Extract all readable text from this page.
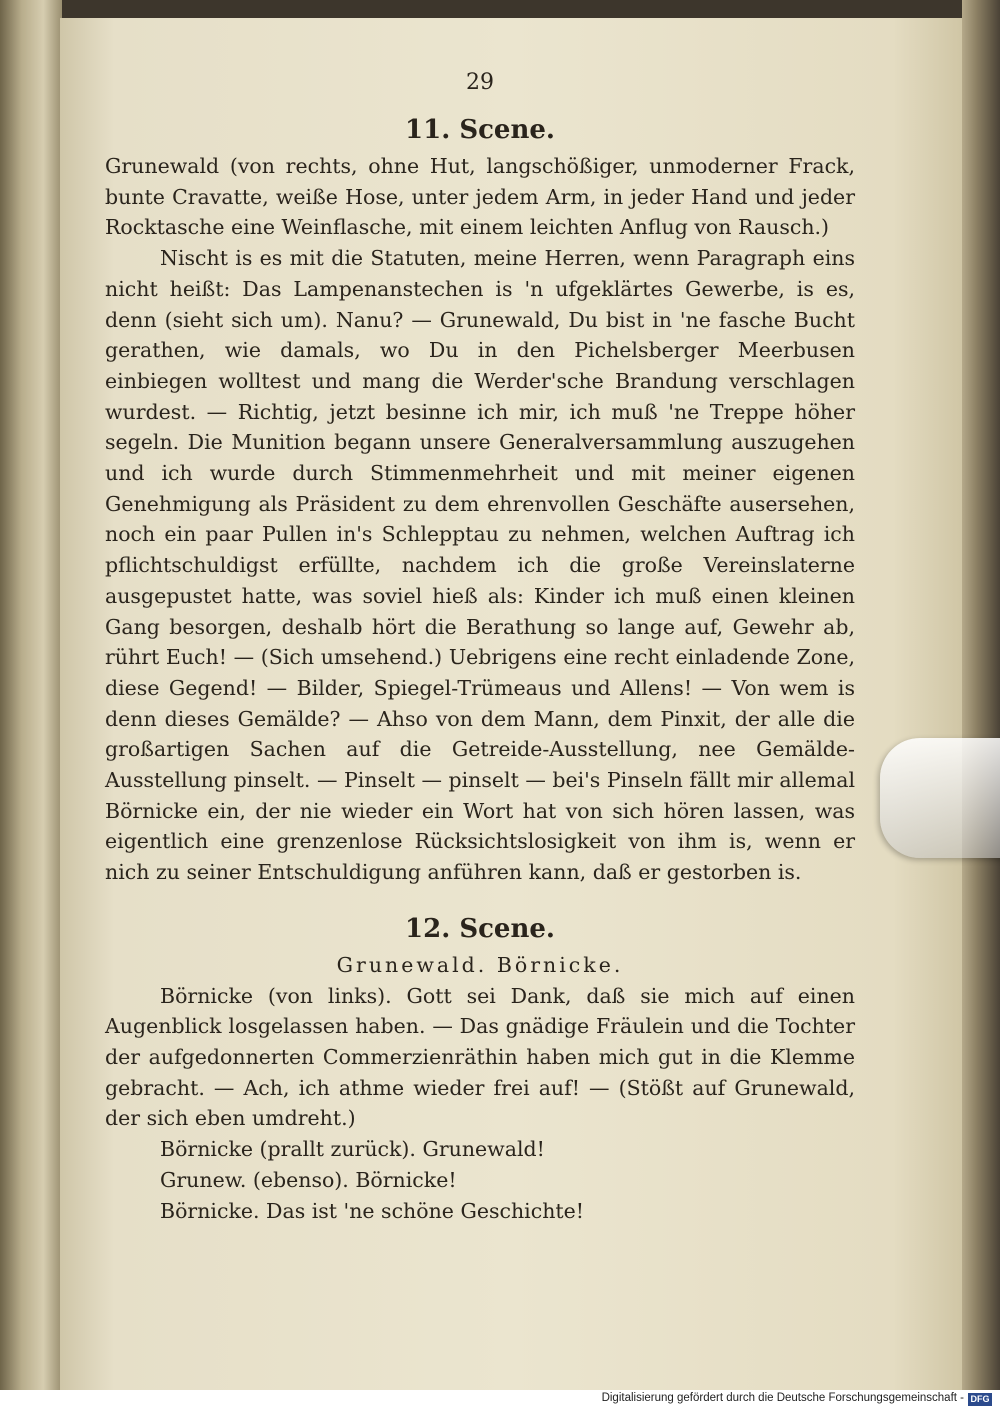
29
11. Scene.

Grunewald (von rechts, ohne Hut, langschößiger, unmoderner Frack, bunte Cravatte, weiße Hose, unter jedem Arm, in jeder Hand und jeder Rocktasche eine Weinflasche, mit einem leichten Anflug von Rausch.)

Nischt is es mit die Statuten, meine Herren, wenn Paragraph eins nicht heißt: Das Lampenanstechen is 'n ufgeklärtes Gewerbe, is es, denn (sieht sich um). Nanu? — Grunewald, Du bist in 'ne fasche Bucht gerathen, wie damals, wo Du in den Pichelsberger Meerbusen einbiegen wolltest und mang die Werder'sche Brandung verschlagen wurdest. — Richtig, jetzt besinne ich mir, ich muß 'ne Treppe höher segeln. Die Munition begann unsere Generalversammlung auszugehen und ich wurde durch Stimmenmehrheit und mit meiner eigenen Genehmigung als Präsident zu dem ehrenvollen Geschäfte ausersehen, noch ein paar Pullen in's Schlepptau zu nehmen, welchen Auftrag ich pflichtschuldigst erfüllte, nachdem ich die große Vereinslaterne ausgepustet hatte, was soviel hieß als: Kinder ich muß einen kleinen Gang besorgen, deshalb hört die Berathung so lange auf, Gewehr ab, rührt Euch! — (Sich umsehend.) Uebrigens eine recht einladende Zone, diese Gegend! — Bilder, Spiegel-Trümeaus und Allens! — Von wem is denn dieses Gemälde? — Ahso von dem Mann, dem Pinxit, der alle die großartigen Sachen auf die Getreide-Ausstellung, nee Gemälde-Ausstellung pinselt. — Pinselt — pinselt — bei's Pinseln fällt mir allemal Börnicke ein, der nie wieder ein Wort hat von sich hören lassen, was eigentlich eine grenzenlose Rücksichtslosigkeit von ihm is, wenn er nich zu seiner Entschuldigung anführen kann, daß er gestorben is.

12. Scene.

Grunewald. Börnicke.

Börnicke (von links). Gott sei Dank, daß sie mich auf einen Augenblick losgelassen haben. — Das gnädige Fräulein und die Tochter der aufgedonnerten Commerzienräthin haben mich gut in die Klemme gebracht. — Ach, ich athme wieder frei auf! — (Stößt auf Grunewald, der sich eben umdreht.)

Börnicke (prallt zurück). Grunewald!

Grunew. (ebenso). Börnicke!

Börnicke. Das ist 'ne schöne Geschichte!

Digitalisierung gefördert durch die Deutsche Forschungsgemeinschaft - DFG
